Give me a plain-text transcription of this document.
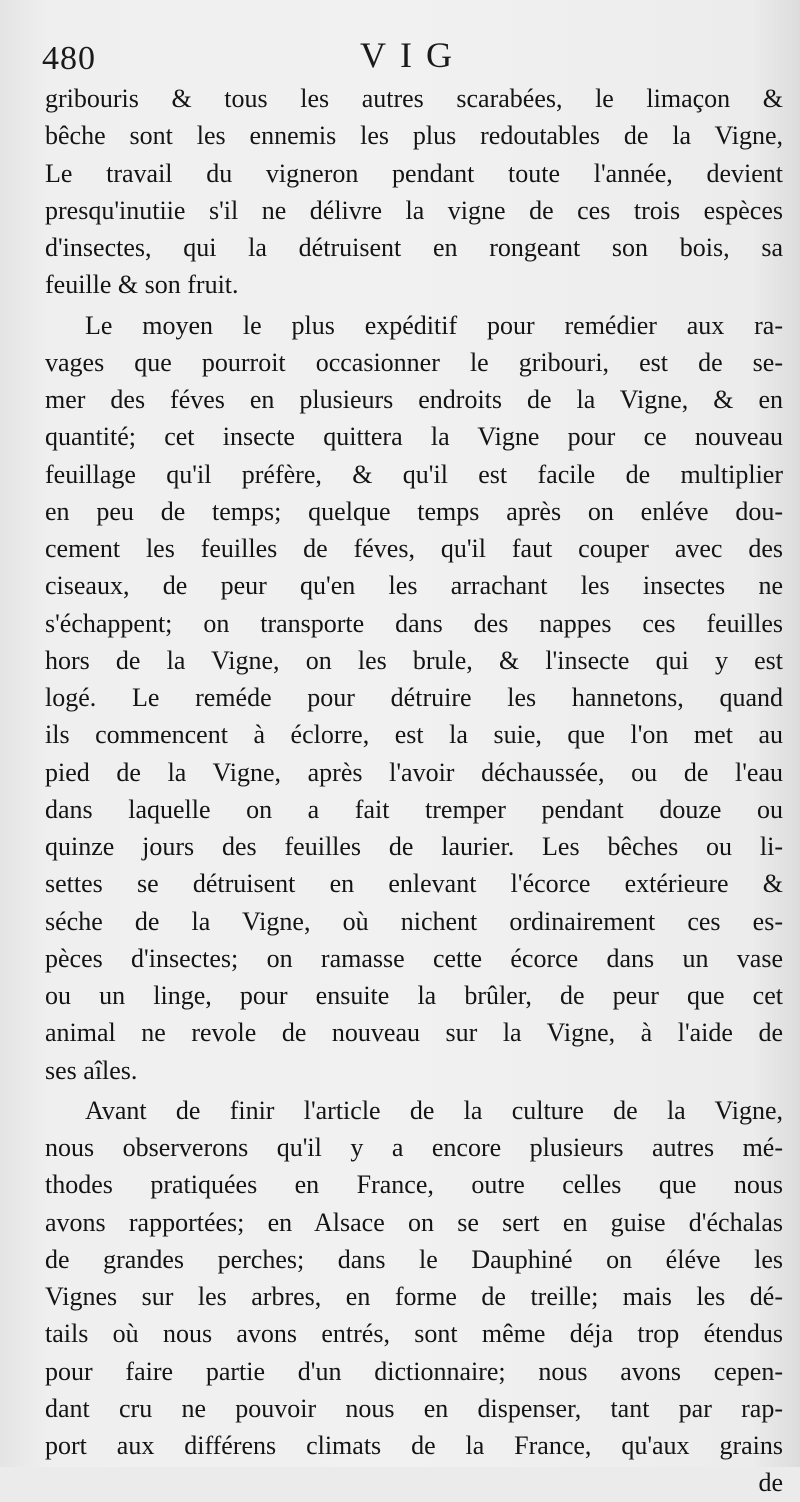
480	VIG
gribouris & tous les autres scarabées, le limaçon &
bêche sont les ennemis les plus redoutables de la Vigne,
Le travail du vigneron pendant toute l'année, devient
presqu'inutiie s'il ne délivre la vigne de ces trois espèces
d'insectes, qui la détruisent en rongeant son bois, sa
feuille & son fruit.
Le moyen le plus expéditif pour remédier aux ra-
vages que pourroit occasionner le gribouri, est de se-
mer des féves en plusieurs endroits de la Vigne, & en
quantité; cet insecte quittera la Vigne pour ce nouveau
feuillage qu'il préfère, & qu'il est facile de multiplier
en peu de temps; quelque temps après on enléve dou-
cement les feuilles de féves, qu'il faut couper avec des
ciseaux, de peur qu'en les arrachant les insectes ne
s'échappent; on transporte dans des nappes ces feuilles
hors de la Vigne, on les brule, & l'insecte qui y est
logé. Le reméde pour détruire les hannetons, quand
ils commencent à éclorre, est la suie, que l'on met au
pied de la Vigne, après l'avoir déchaussée, ou de l'eau
dans laquelle on a fait tremper pendant douze ou
quinze jours des feuilles de laurier. Les bêches ou li-
settes se détruisent en enlevant l'écorce extérieure &
séche de la Vigne, où nichent ordinairement ces es-
pèces d'insectes; on ramasse cette écorce dans un vase
ou un linge, pour ensuite la brûler, de peur que cet
animal ne revole de nouveau sur la Vigne, à l'aide de
ses aîles.
Avant de finir l'article de la culture de la Vigne,
nous observerons qu'il y a encore plusieurs autres mé-
thodes pratiquées en France, outre celles que nous
avons rapportées; en Alsace on se sert en guise d'échalas
de grandes perches; dans le Dauphiné on éléve les
Vignes sur les arbres, en forme de treille; mais les dé-
tails où nous avons entrés, sont même déja trop étendus
pour faire partie d'un dictionnaire; nous avons cepen-
dant cru ne pouvoir nous en dispenser, tant par rap-
port aux différens climats de la France, qu'aux grains
de
